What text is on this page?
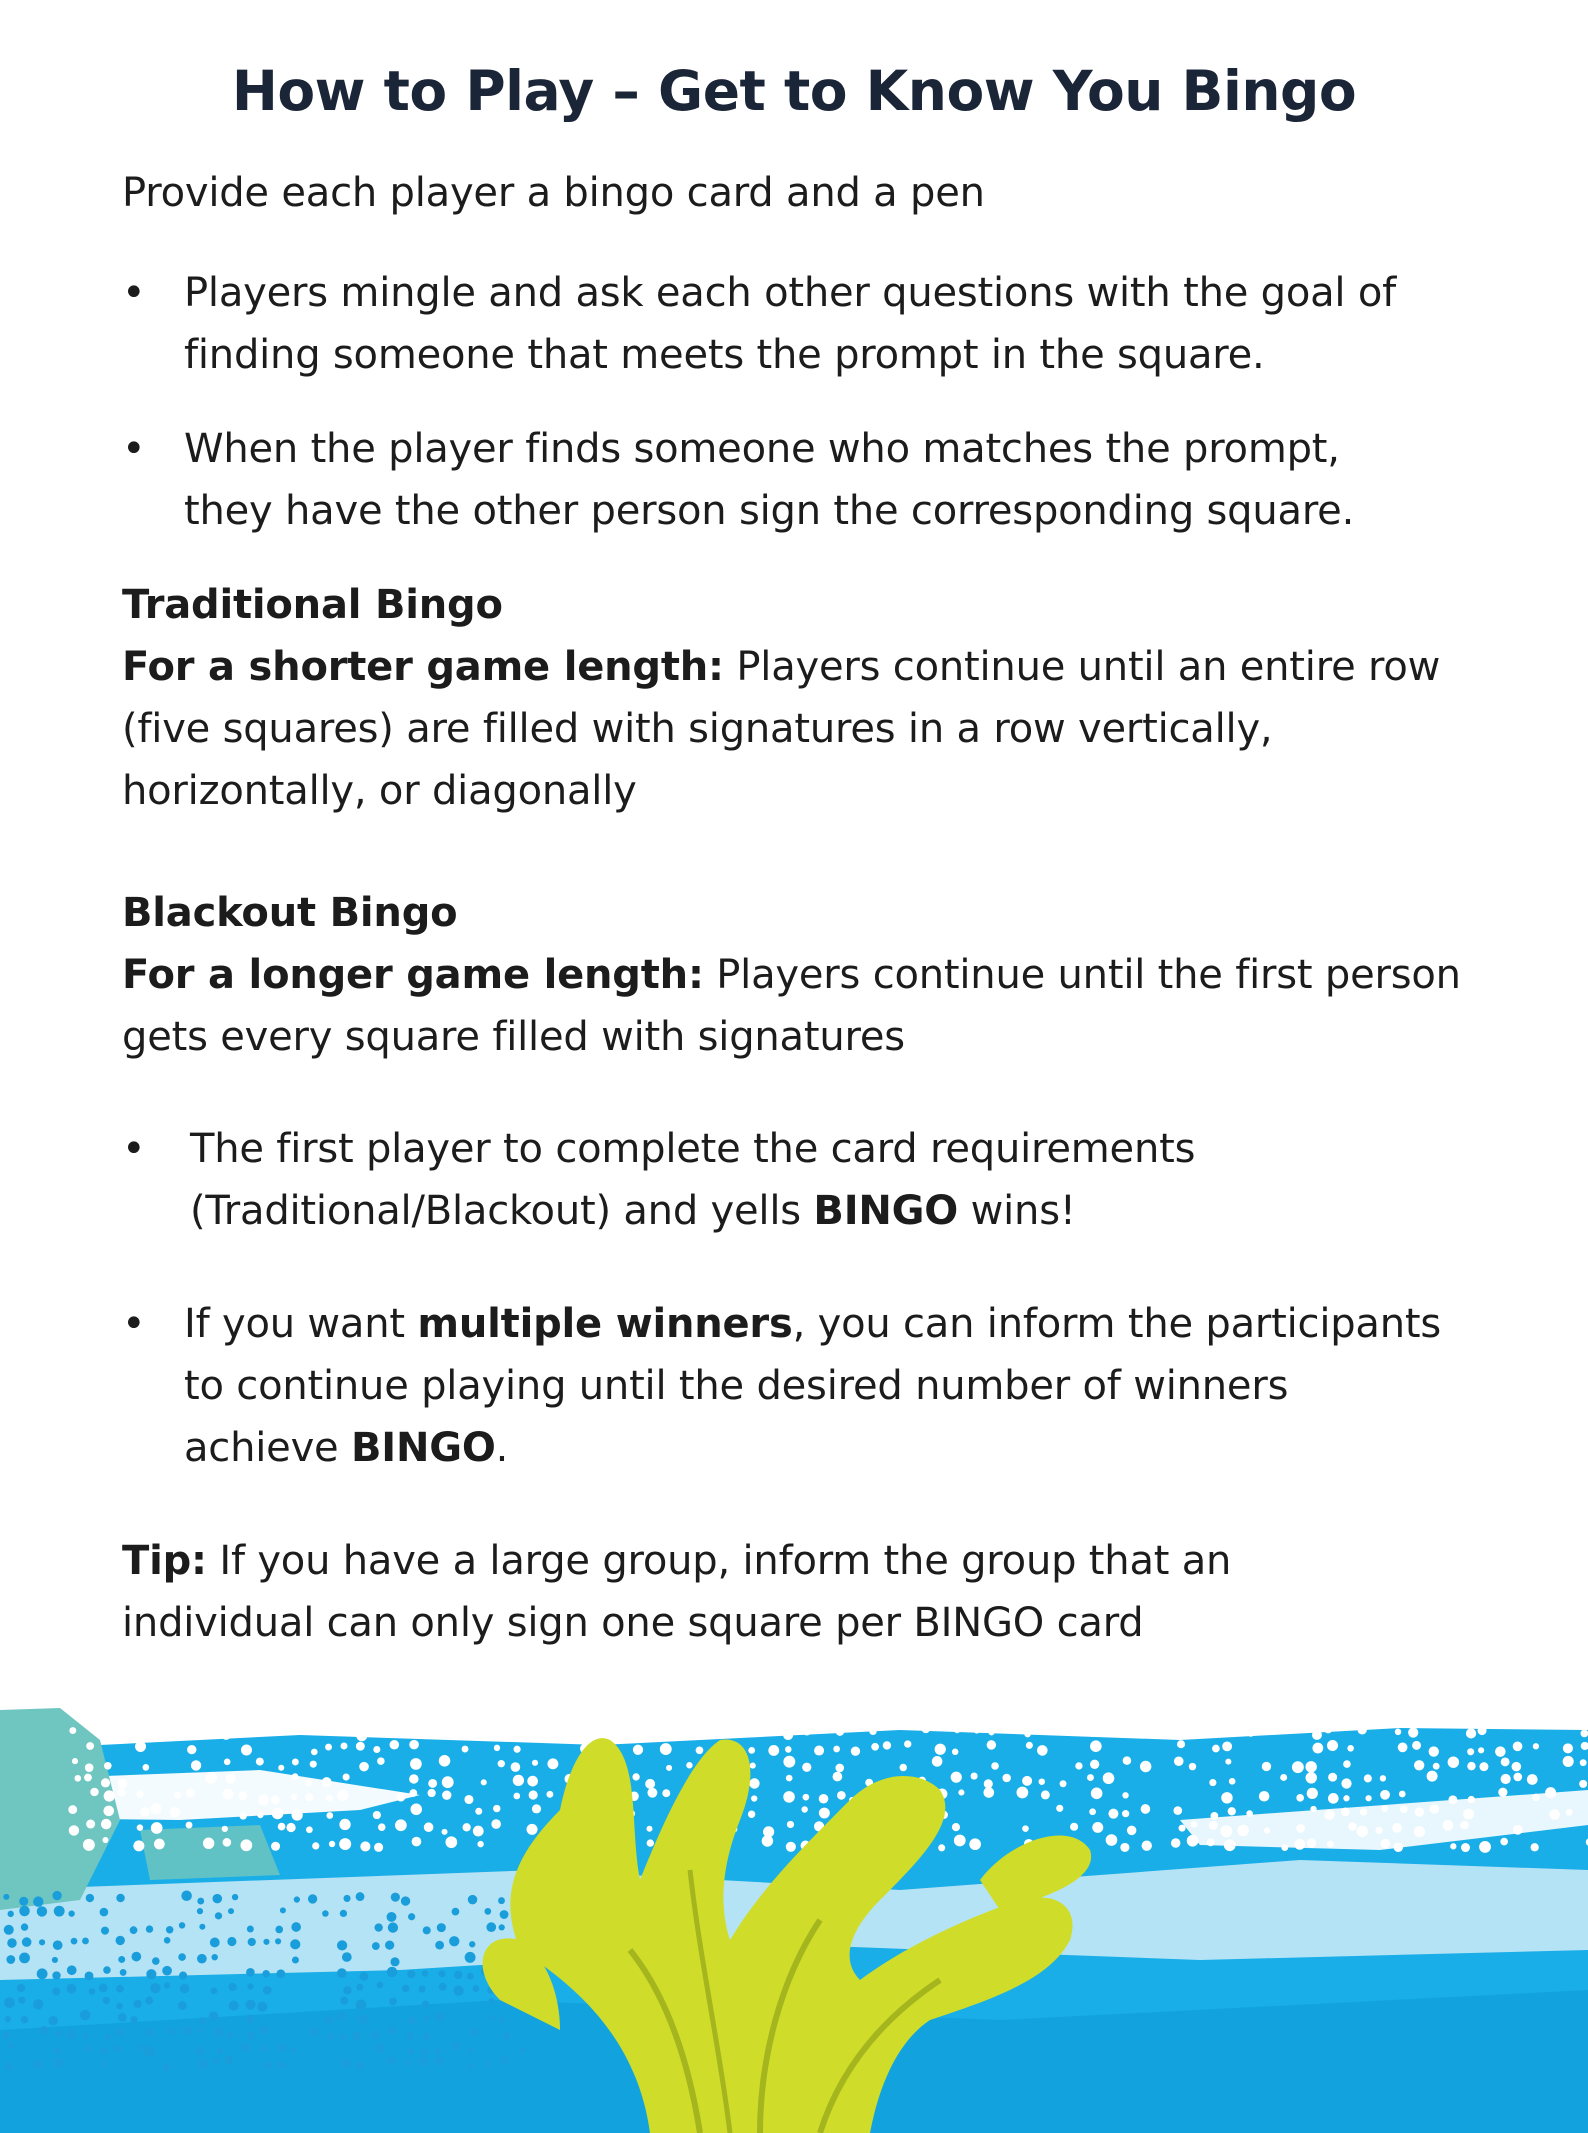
How to Play – Get to Know You Bingo

Provide each player a bingo card and a pen

• Players mingle and ask each other questions with the goal of
finding someone that meets the prompt in the square.
• When the player finds someone who matches the prompt,
they have the other person sign the corresponding square.
Traditional Bingo
For a shorter game length: Players continue until an entire row
(five squares) are filled with signatures in a row vertically,
horizontally, or diagonally
Blackout Bingo
For a longer game length: Players continue until the first person
gets every square filled with signatures
•	The first player to complete the card requirements
(Traditional/Blackout) and yells BINGO wins!
• If you want multiple winners, you can inform the participants
to continue playing until the desired number of winners
achieve BINGO.
Tip: If you have a large group, inform the group that an
individual can only sign one square per BINGO card
